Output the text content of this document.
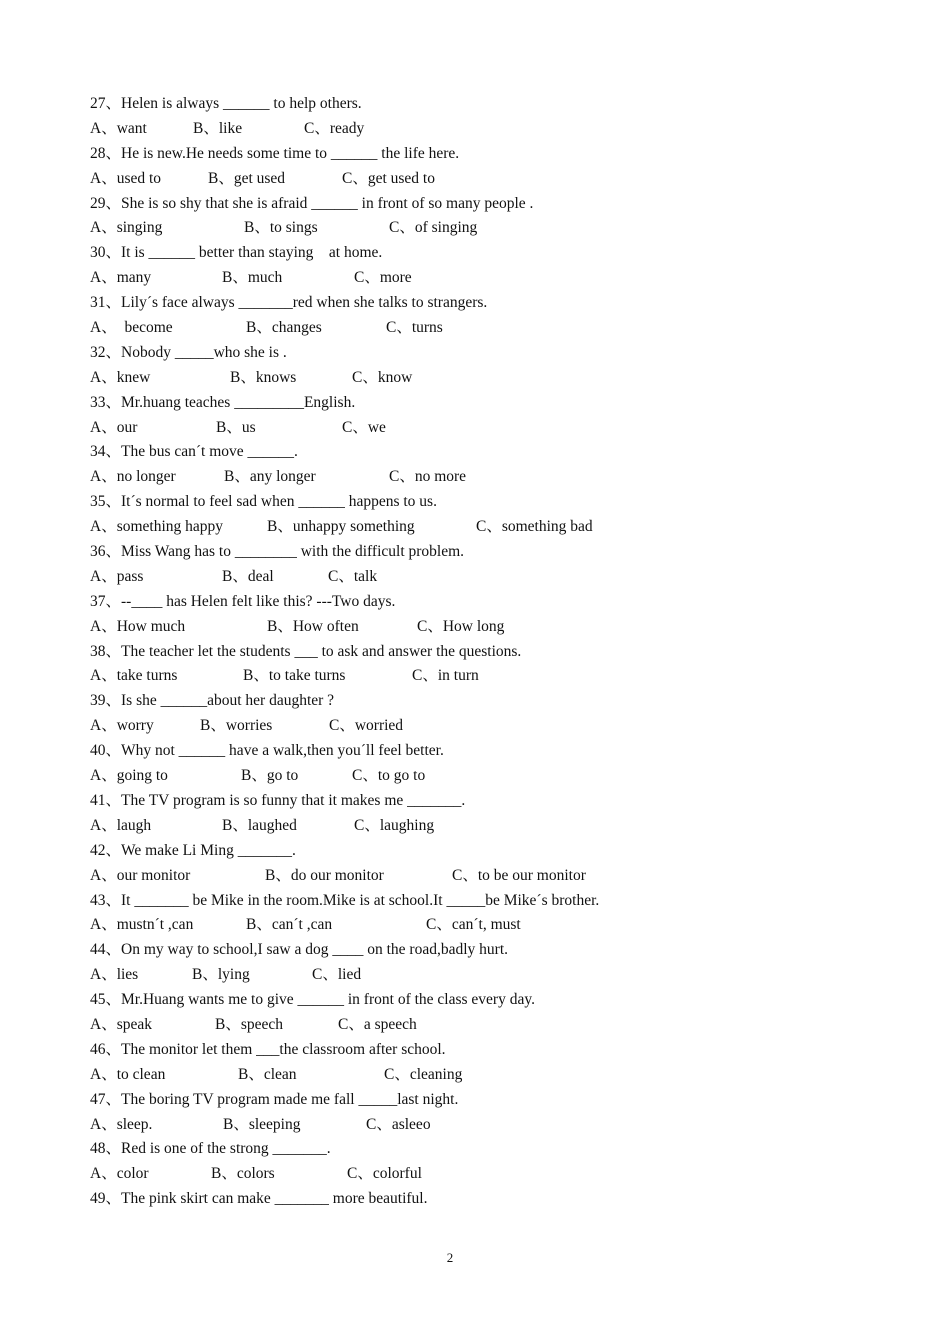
27、Helen is always ______ to help others.

A、want

	B、like

	C、ready

28、He is new.He needs some time to ______ the life here.

A、used to

	B、get used

	C、get used to

29、She is so shy that she is afraid ______ in front of so many people .

A、singing

	B、to sings

	C、of singing

30、It is ______ better than staying    at home.

A、many

	B、much

	C、more

31、Lily´s face always _______red when she talks to strangers.

A、  become

	B、changes

	C、turns

32、Nobody _____who she is .

A、knew

	B、knows

	C、know

33、Mr.huang teaches _________English.

A、our

	B、us

	C、we

34、The bus can´t move ______.

A、no longer

	B、any longer

	C、no more

35、It´s normal to feel sad when ______ happens to us.

A、something happy

	B、unhappy something

	C、something bad

36、Miss Wang has to ________ with the difficult problem.

A、pass

	B、deal

	C、talk

37、--____ has Helen felt like this? ---Two days.

A、How much

	B、How often

	C、How long

38、The teacher let the students ___ to ask and answer the questions.

A、take turns

	B、to take turns

	C、in turn

39、Is she ______about her daughter ?

A、worry

	B、worries

	C、worried

40、Why not ______ have a walk,then you´ll feel better.

A、going to

	B、go to

	C、to go to

41、The TV program is so funny that it makes me _______.

A、laugh

	B、laughed

	C、laughing

42、We make Li Ming _______.

A、our monitor

	B、do our monitor

	C、to be our monitor

43、It _______ be Mike in the room.Mike is at school.It _____be Mike´s brother.

A、mustn´t ,can

	B、can´t ,can

	C、can´t, must

44、On my way to school,I saw a dog ____ on the road,badly hurt.

A、lies

	B、lying

	C、lied

45、Mr.Huang wants me to give ______ in front of the class every day.

A、speak

	B、speech

	C、a speech

46、The monitor let them ___the classroom after school.

A、to clean

	B、clean

	C、cleaning

47、The boring TV program made me fall _____last night.

A、sleep.

	B、sleeping

	C、asleeo

48、Red is one of the strong _______.

A、color

	B、colors

	C、colorful

49、The pink skirt can make _______ more beautiful.
2
